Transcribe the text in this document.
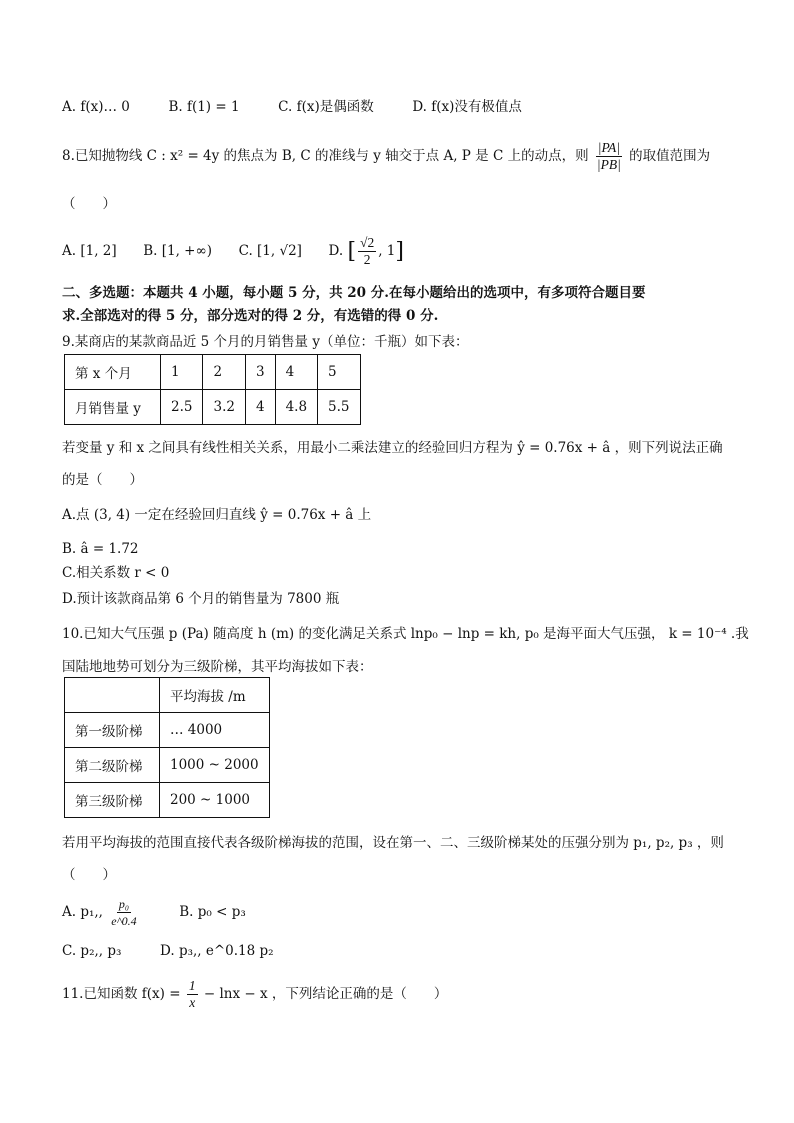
A. f(x)… 0	B. f(1) = 1	C. f(x)是偶函数	D. f(x)没有极值点
8.已知抛物线 C : x² = 4y 的焦点为 B, C 的准线与 y 轴交于点 A, P 是 C 上的动点，则 $\frac{|PA|}{|PB|}$ 的取值范围为
（　　）
A. [1, 2] B. [1, +∞) C. [1, √2] D. [ $\frac{√2}{2}$ , 1]
二、多选题：本题共 4 小题，每小题 5 分，共 20 分.在每小题给出的选项中，有多项符合题目要
求.全部选对的得 5 分，部分选对的得 2 分，有选错的得 0 分.
9.某商店的某款商品近 5 个月的月销售量 y（单位：千瓶）如下表：
第 x 个月	1	2	3	4	5
月销售量 y	2.5	3.2	4	4.8	5.5
若变量 y 和 x 之间具有线性相关关系，用最小二乘法建立的经验回归方程为 ŷ = 0.76x + â ，则下列说法正确
的是（　　）
A.点 (3, 4) 一定在经验回归直线 ŷ = 0.76x + â 上
B. â = 1.72
C.相关系数 r < 0
D.预计该款商品第 6 个月的销售量为 7800 瓶
10.已知大气压强 p (Pa) 随高度 h (m) 的变化满足关系式 lnp₀ − lnp = kh, p₀ 是海平面大气压强， k = 10⁻⁴ .我
国陆地地势可划分为三级阶梯，其平均海拔如下表：
	平均海拔 /m
第一级阶梯	… 4000
第二级阶梯	1000 ~ 2000
第三级阶梯	200 ~ 1000
若用平均海拔的范围直接代表各级阶梯海拔的范围，设在第一、二、三级阶梯某处的压强分别为 p₁, p₂, p₃ ，则
（　　）
A. p₁,, $\frac{\text{p₀}}{e\^{}0.4}$	B. p₀ < p₃
C. p₂,, p₃	D. p₃,, e^0.18 p₂
11.已知函数 $f(x) = \frac{1}{x} - \ln x - x$ ，下列结论正确的是（　　）
